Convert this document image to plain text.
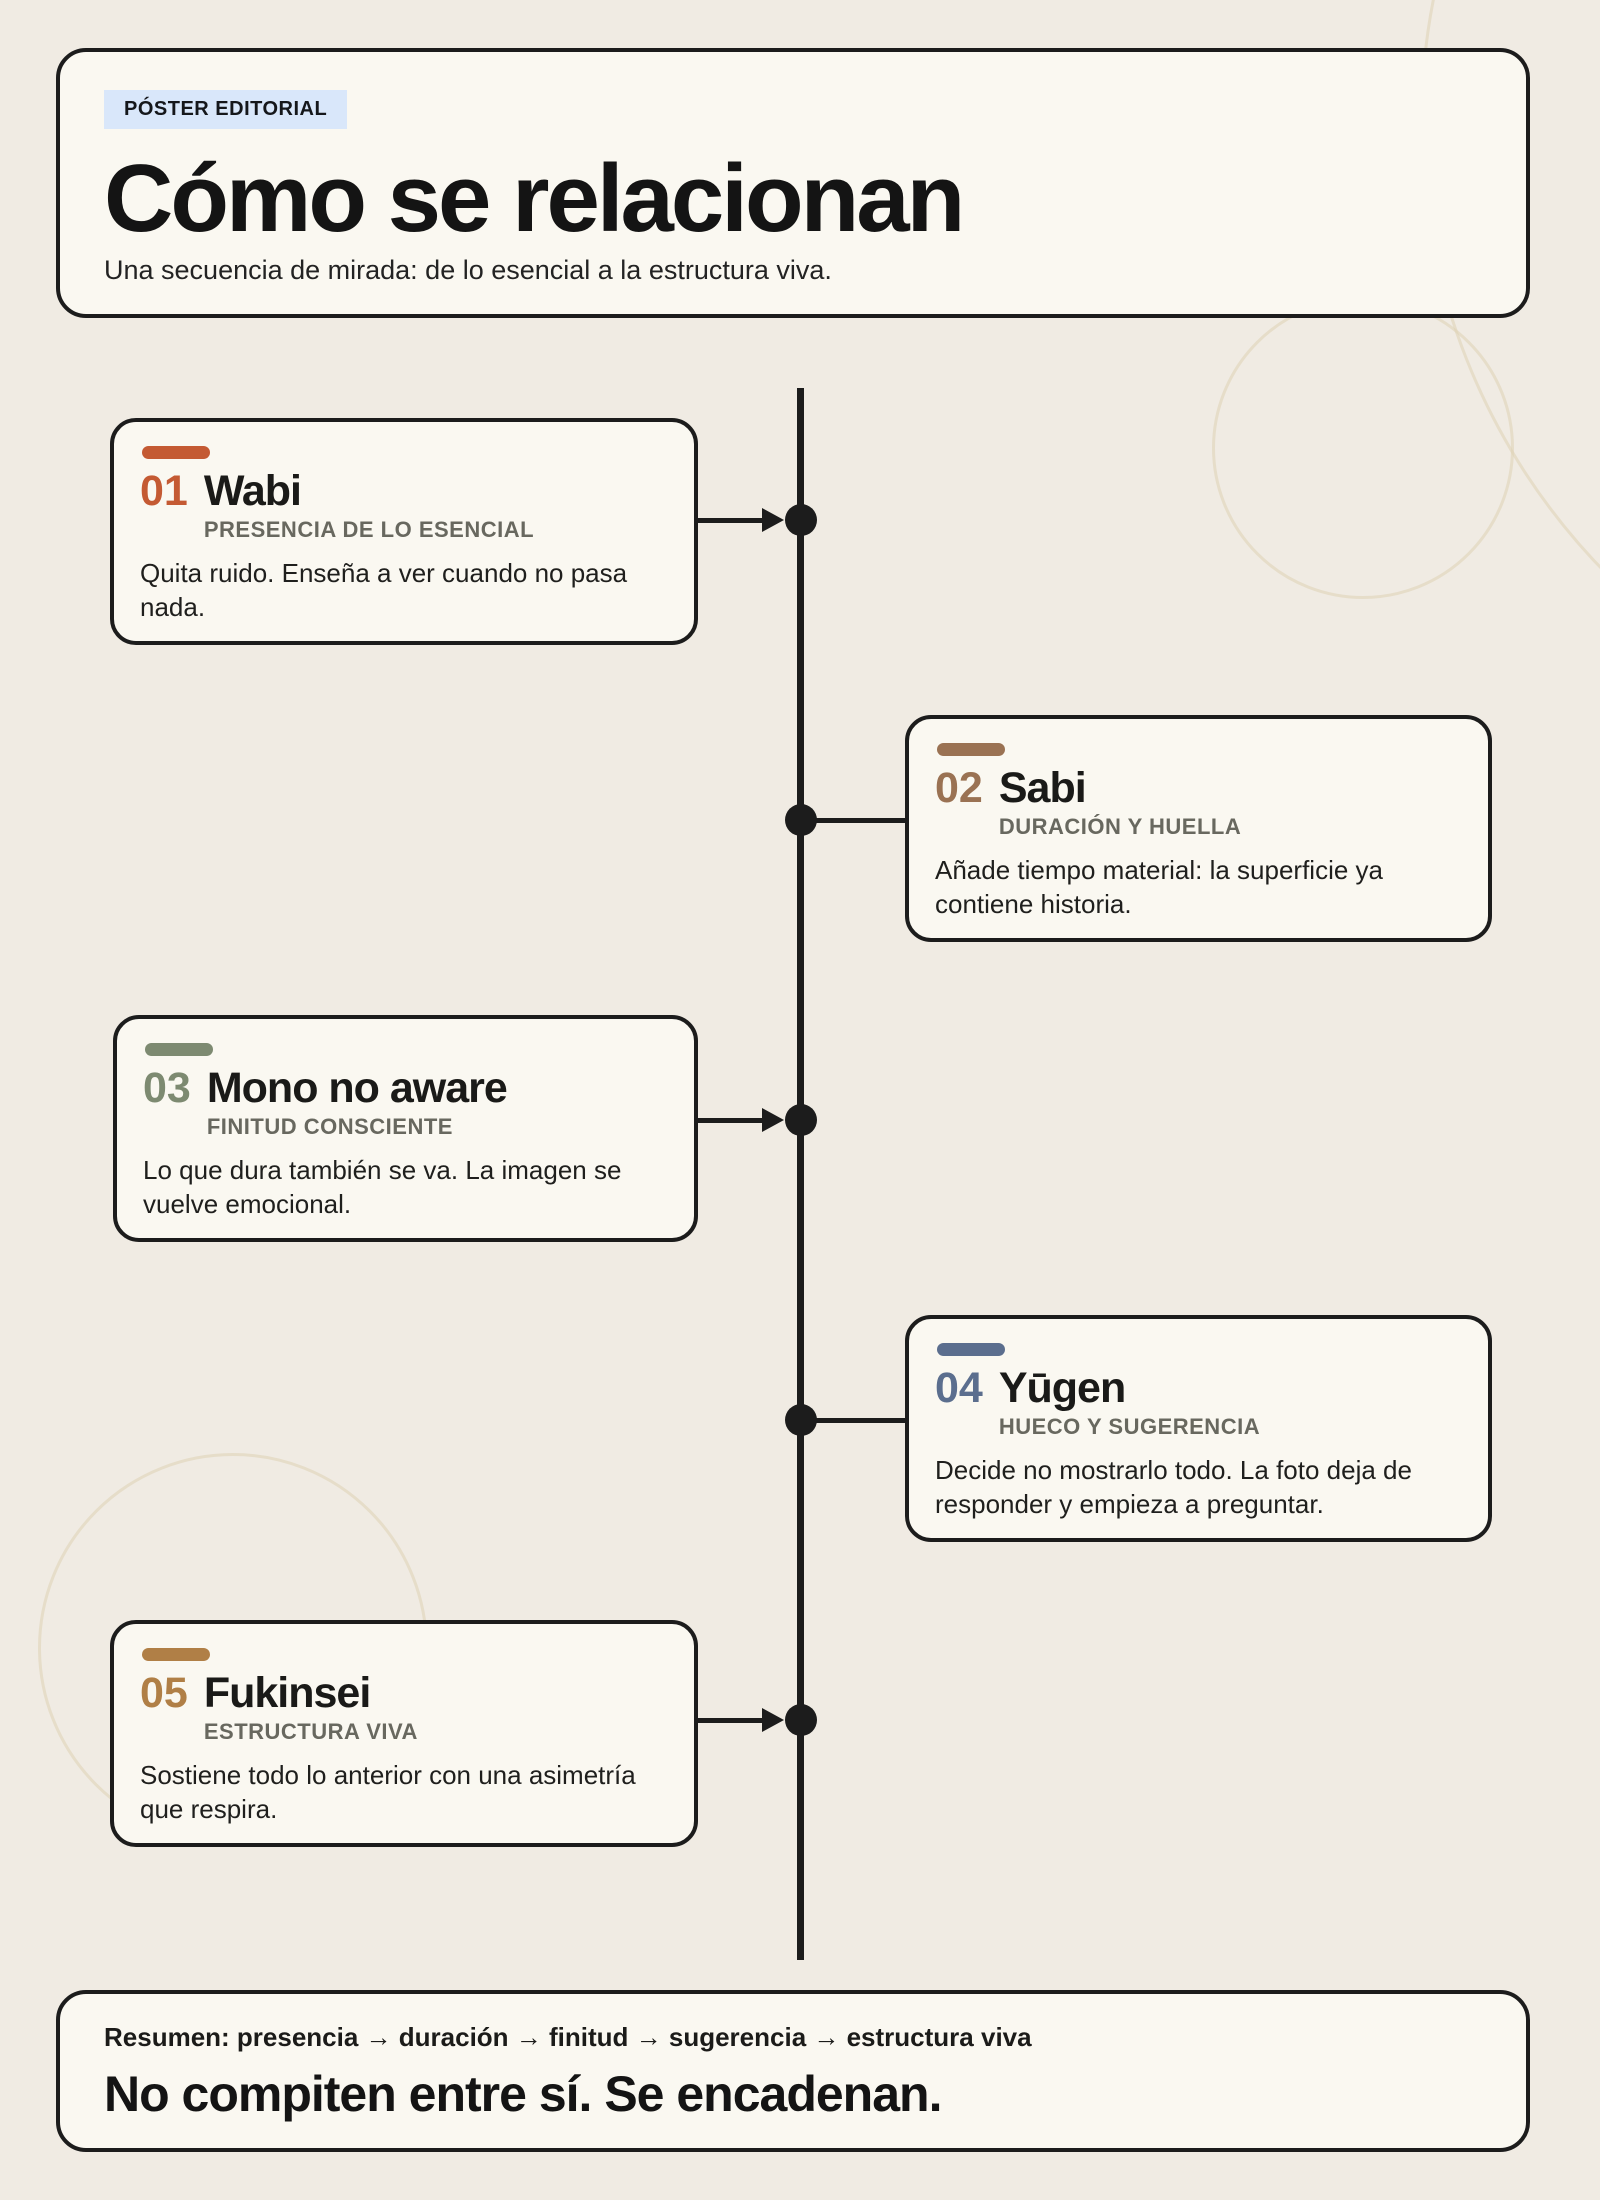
PÓSTER EDITORIAL
Cómo se relacionan
Una secuencia de mirada: de lo esencial a la estructura viva.
01 Wabi
PRESENCIA DE LO ESENCIAL

Quita ruido. Enseña a ver cuando no pasa nada.

02 Sabi
DURACIÓN Y HUELLA

Añade tiempo material: la superficie ya contiene historia.

03 Mono no aware
FINITUD CONSCIENTE

Lo que dura también se va. La imagen se vuelve emocional.

04 Yūgen
HUECO Y SUGERENCIA

Decide no mostrarlo todo. La foto deja de responder y empieza a preguntar.

05 Fukinsei
ESTRUCTURA VIVA

Sostiene todo lo anterior con una asimetría que respira.

Resumen: presencia → duración → finitud → sugerencia → estructura viva
No compiten entre sí. Se encadenan.
